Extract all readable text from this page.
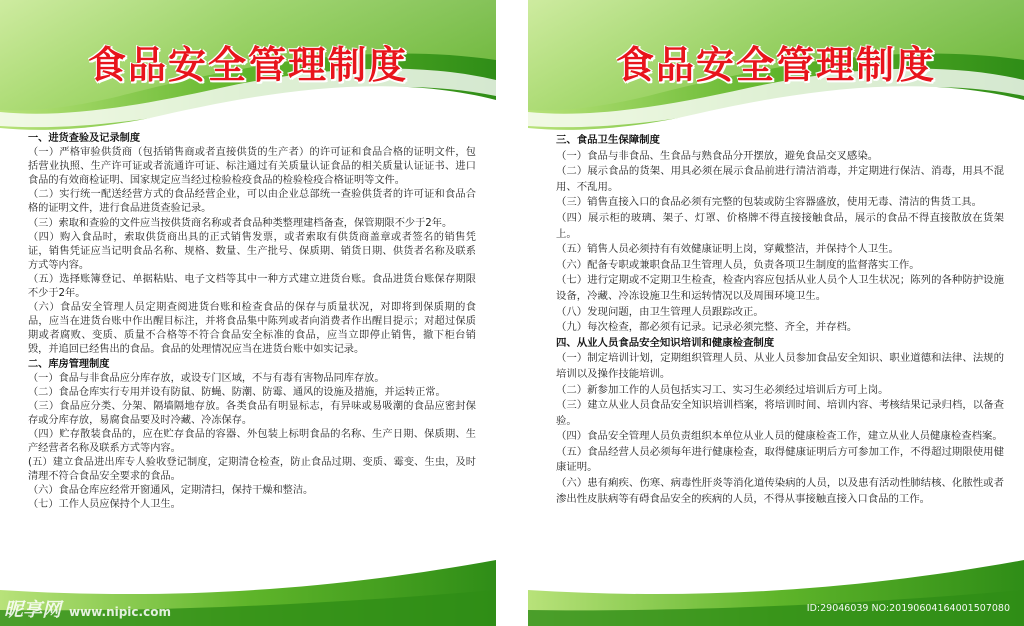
食品安全管理制度
一、进货查验及记录制度

（一）严格审验供货商（包括销售商或者直接供货的生产者）的许可证和食品合格的证明文件，包括营业执照、生产许可证或者流通许可证、标注通过有关质量认证食品的相关质量认证证书、进口食品的有效商检证明、国家规定应当经过检验检疫食品的检验检疫合格证明等文件。

（二）实行统一配送经营方式的食品经营企业，可以由企业总部统一查验供货者的许可证和食品合格的证明文件，进行食品进货查验记录。

（三）索取和查验的文件应当按供货商名称或者食品种类整理建档备查，保管期限不少于2年。

（四）购入食品时，索取供货商出具的正式销售发票，或者索取有供货商盖章或者签名的销售凭证，销售凭证应当记明食品名称、规格、数量、生产批号、保质期、销货日期、供货者名称及联系方式等内容。

（五）选择账簿登记、单据粘贴、电子文档等其中一种方式建立进货台账。食品进货台账保存期限不少于2年。

（六）食品安全管理人员定期查阅进货台账和检查食品的保存与质量状况，对即将到保质期的食品，应当在进货台账中作出醒目标注，并将食品集中陈列或者向消费者作出醒目提示；对超过保质期或者腐败、变质、质量不合格等不符合食品安全标准的食品，应当立即停止销售，撤下柜台销毁，并追回已经售出的食品。食品的处理情况应当在进货台账中如实记录。

二、库房管理制度

（一）食品与非食品应分库存放，或设专门区域，不与有毒有害物品同库存放。

（二）食品仓库实行专用并设有防鼠、防蝇、防潮、防霉、通风的设施及措施，并运转正常。

（三）食品应分类、分架、隔墙隔地存放。各类食品有明显标志，有异味或易吸潮的食品应密封保存或分库存放，易腐食品要及时冷藏、冷冻保存。

（四）贮存散装食品的，应在贮存食品的容器、外包装上标明食品的名称、生产日期、保质期、生产经营者名称及联系方式等内容。

(五）建立食品进出库专人验收登记制度，定期清仓检查，防止食品过期、变质、霉变、生虫，及时清理不符合食品安全要求的食品。

（六）食品仓库应经常开窗通风，定期清扫，保持干燥和整洁。

（七）工作人员应保持个人卫生。

昵享网 www.nipic.com
食品安全管理制度
三、食品卫生保障制度

（一）食品与非食品、生食品与熟食品分开摆放，避免食品交叉感染。

（二）展示食品的货架、用具必须在展示食品前进行清洁消毒，并定期进行保洁、消毒，用具不混用、不乱用。

（三）销售直接入口的食品必须有完整的包装或防尘容器盛放，使用无毒、清洁的售货工具。

（四）展示柜的玻璃、架子、灯罩、价格牌不得直接接触食品，展示的食品不得直接散放在货架上。

（五）销售人员必须持有有效健康证明上岗，穿戴整洁，并保持个人卫生。

（六）配备专职或兼职食品卫生管理人员，负责各项卫生制度的监督落实工作。

（七）进行定期或不定期卫生检查，检查内容应包括从业人员个人卫生状况；陈列的各种防护设施设备，冷藏、冷冻设施卫生和运转情况以及周围环境卫生。

（八）发现问题，由卫生管理人员跟踪改正。

（九）每次检查，都必须有记录。记录必须完整、齐全，并存档。

四、从业人员食品安全知识培训和健康检查制度

（一）制定培训计划，定期组织管理人员、从业人员参加食品安全知识、职业道德和法律、法规的培训以及操作技能培训。

（二）新参加工作的人员包括实习工、实习生必须经过培训后方可上岗。

（三）建立从业人员食品安全知识培训档案，将培训时间、培训内容、考核结果记录归档，以备查验。

（四）食品安全管理人员负责组织本单位从业人员的健康检查工作，建立从业人员健康检查档案。

（五）食品经营人员必须每年进行健康检查，取得健康证明后方可参加工作，不得超过期限使用健康证明。

（六）患有痢疾、伤寒、病毒性肝炎等消化道传染病的人员，以及患有活动性肺结核、化脓性或者渗出性皮肤病等有碍食品安全的疾病的人员，不得从事接触直接入口食品的工作。

ID:29046039 NO:20190604164001507080
